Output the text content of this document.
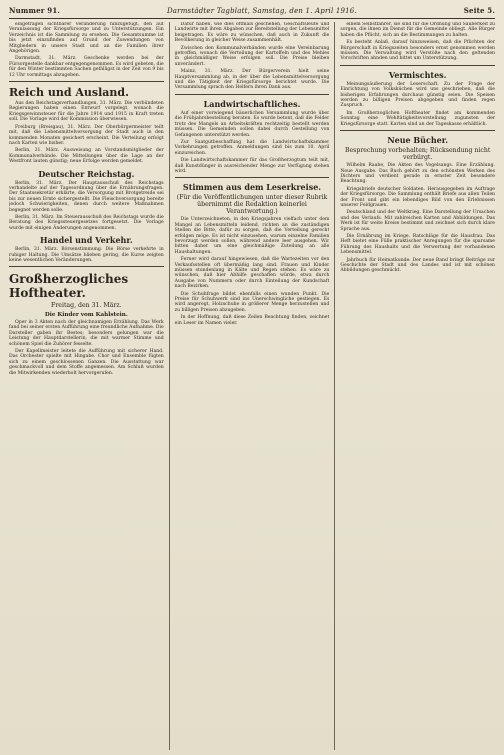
Nummer 91.	Darmstädter Tagblatt, Samstag, den 1. April 1916.	Seite 5.

eingetragen sichtbarer Veränderung hinzugefügt, den auf Veranlassung der Kriegsfürsorge und zu Unterstützungen. Ein Verzeichnis ist die Sammlung zu ersehen. Die Gesamtsumme ist bis jetzt einzufinden auf Grund der Zuwendungen von Mitgliedern in unsere Stadt und an die Familien ihrer Angehörigen.

Darmstadt, 31. März. Geschenke werden bei der Fürsorgestelle dankbar entgegengenommen. Es wird gebeten, die für den Winter bestimmten Sachen gefälligst in der Zeit von 9 bis 12 Uhr vormittags abzugeben.

Reich und Ausland.

Aus den Reichstagsverhandlungen, 31. März. Die verbündeten Regierungen haben einen Entwurf vorgelegt, wonach die Kriegsgewinnsteuer für die Jahre 1914 und 1915 in Kraft treten soll. Die Vorlage wird der Kommission überwiesen.

Freiburg (Breisgau), 31. März. Der Oberbürgermeister teilt mit, daß die Lebensmittelversorgung der Stadt auch in den kommenden Monaten gesichert erscheint. Die Verteilung erfolgt nach Karten wie bisher.

Berlin, 31. März. Ausweisung an Vorstandsmitglieder der Kommunalverbände. Die Mitteilungen über die Lage an der Westfront lauten günstig; neue Erfolge werden gemeldet.

Deutscher Reichstag.

Berlin, 31. März. Der Hauptausschuß des Reichstags verhandelte auf der Tagesordnung über die Ernährungsfragen. Der Staatssekretär erklärte, die Versorgung mit Brotgetreide sei bis zur neuen Ernte sichergestellt. Die Fleischversorgung bereite jedoch Schwierigkeiten, denen durch weitere Maßnahmen begegnet werden solle.

Berlin, 31. März. Im Steuerausschuß des Reichstags wurde die Beratung des Kriegssteuergesetzes fortgesetzt. Die Vorlage wurde mit einigen Änderungen angenommen.

Handel und Verkehr.

Berlin, 31. März. Börsenstimmung. Die Börse verkehrte in ruhiger Haltung. Die Umsätze blieben gering, die Kurse zeigten keine wesentlichen Veränderungen.

Großherzogliches Hoftheater.
Freitag, den 31. März.
Die Kinder vom Kahlstein.

Oper in 3 Akten nach der gleichnamigen Erzählung. Das Werk fand bei seiner ersten Aufführung eine freundliche Aufnahme. Die Darsteller gaben ihr Bestes; besonders gelungen war die Leistung der Hauptdarstellerin, die mit warmer Stimme und schönem Spiel die Zuhörer fesselte.

Der Kapellmeister leitete die Aufführung mit sicherer Hand. Das Orchester spielte mit Hingabe. Chor und Ensemble fügten sich zu einem geschlossenen Ganzen. Die Ausstattung war geschmackvoll und dem Stoffe angemessen. Am Schluß wurden die Mitwirkenden wiederholt hervorgerufen.

Dafür haben, wie dies oftmals geschehen, Geschäftsleute und Landwirte mit ihren Abgaben zur Bereitstellung der Lebensmittel beigetragen. Es wäre zu wünschen, daß auch in Zukunft die Bevölkerung in gleicher Weise zusammenhält.

Zwischen den Kommunalverbänden wurde eine Vereinbarung getroffen, wonach die Verteilung der Kartoffeln und des Mehles in gleichmäßiger Weise erfolgen soll. Die Preise bleiben unverändert.

Mainz, 31. März. Der Bürgerverein hielt seine Hauptversammlung ab, in der über die Lebensmittelversorgung und die Tätigkeit der Kriegsfürsorge berichtet wurde. Die Versammlung sprach den Helfern ihren Dank aus.

Landwirtschaftliches.

Auf einer vorwiegend bäuerlichen Versammlung wurde über die Frühjahrsbestellung beraten. Es wurde betont, daß die Felder trotz des Mangels an Arbeitskräften rechtzeitig bestellt werden müssen. Die Gemeinden sollen dabei durch Gestellung von Gefangenen unterstützt werden.

Zur Saatgutbeschaffung hat die Landwirtschaftskammer Vorkehrungen getroffen. Anmeldungen sind bis zum 10. April einzureichen.

Die Landwirtschaftskammer für das Großherzogtum teilt mit, daß Kunstdünger in ausreichender Menge zur Verfügung stehen wird.

Stimmen aus dem Leserkreise.
(Für die Veröffentlichungen unter dieser Rubrik übernimmt die Redaktion keinerlei Verantwortung.)

Die Unterzeichneten, in den Kriegsjahren vielfach unter dem Mangel an Lebensmitteln leidend, richten an die zuständigen Stellen die Bitte, dafür zu sorgen, daß die Verteilung gerecht erfolgen möge. Es ist nicht einzusehen, warum einzelne Familien bevorzugt werden sollen, während andere leer ausgehen. Wir bitten daher um eine gleichmäßige Zuteilung an alle Haushaltungen.

Ferner wird darauf hingewiesen, daß die Wartezeiten vor den Verkaufsstellen oft übermäßig lang sind. Frauen und Kinder müssen stundenlang in Kälte und Regen stehen. Es wäre zu wünschen, daß hier Abhilfe geschaffen würde, etwa durch Ausgabe von Nummern oder durch Einteilung der Kundschaft nach Bezirken.

Die Schuhfrage bildet ebenfalls einen wunden Punkt. Die Preise für Schuhwerk sind ins Unerschwingliche gestiegen. Es wird angeregt, Holzschuhe in größerer Menge herzustellen und zu billigen Preisen abzugeben.

In der Hoffnung, daß diese Zeilen Beachtung finden, zeichnet ein Leser im Namen vieler.

einem Selbstfahrer, sie sind für die Ordnung und Sauberkeit zu sorgen, die ihnen im Dienst für die Gemeinde obliegt. Alle Bürger haben die Pflicht, sich an die Bestimmungen zu halten.

Es besteht Anlaß, darauf hinzuweisen, daß die Pflichten der Bürgerschaft in Kriegszeiten besonders ernst genommen werden müssen. Die Verwaltung wird Verstöße nach den geltenden Vorschriften ahnden und bittet um Unterstützung.

Vermischtes.

Meinungsäußerung der Leserschaft. Zu der Frage der Einrichtung von Volksküchen wird uns geschrieben, daß die bisherigen Erfahrungen durchaus günstig seien. Die Speisen werden zu billigen Preisen abgegeben und finden regen Zuspruch.

Im Großherzoglichen Hoftheater findet am kommenden Sonntag eine Wohltätigkeitsvorstellung zugunsten der Kriegsfürsorge statt. Karten sind an der Tageskasse erhältlich.

Neue Bücher.
Besprechung vorbehalten; Rücksendung nicht verbürgt.

Wilhelm Raabe, Die Akten des Vogelsangs. Eine Erzählung. Neue Ausgabe. Das Buch gehört zu den schönsten Werken des Dichters und verdient gerade in ernster Zeit besondere Beachtung.

Kriegsbriefe deutscher Soldaten. Herausgegeben im Auftrage der Kriegsfürsorge. Die Sammlung enthält Briefe aus allen Teilen der Front und gibt ein lebendiges Bild von den Erlebnissen unserer Feldgrauen.

Deutschland und der Weltkrieg. Eine Darstellung der Ursachen und des Verlaufs. Mit zahlreichen Karten und Abbildungen. Das Werk ist für weite Kreise bestimmt und zeichnet sich durch klare Sprache aus.

Die Ernährung im Kriege. Ratschläge für die Hausfrau. Das Heft bietet eine Fülle praktischer Anregungen für die sparsame Führung des Haushalts und die Verwertung der vorhandenen Lebensmittel.

Jahrbuch für Heimatkunde. Der neue Band bringt Beiträge zur Geschichte der Stadt und des Landes und ist mit schönen Abbildungen geschmückt.
